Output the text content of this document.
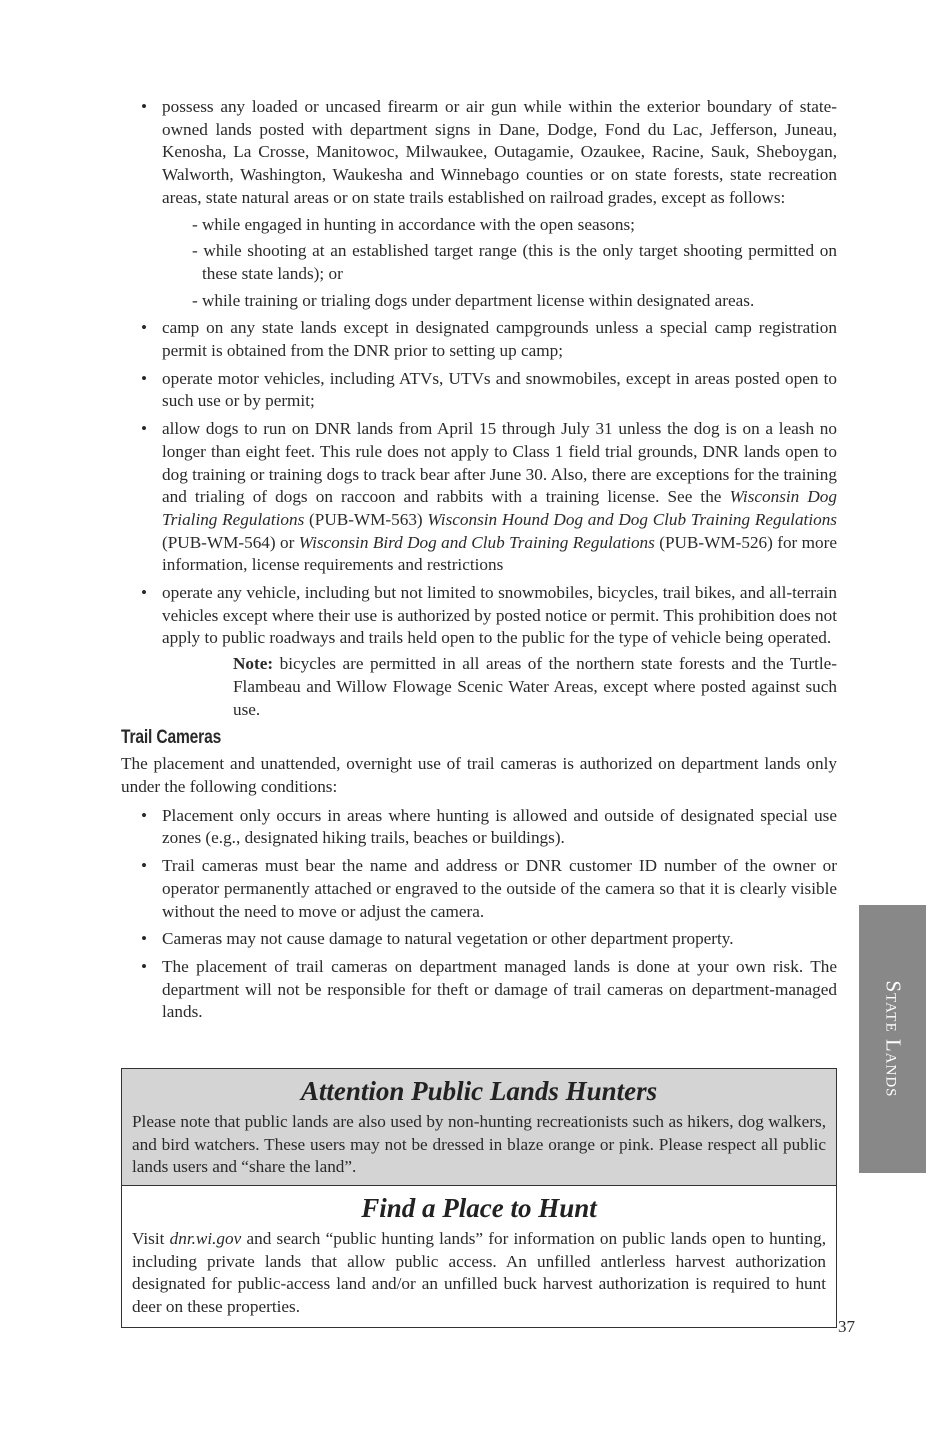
• possess any loaded or uncased firearm or air gun while within the exterior boundary of state-owned lands posted with department signs in Dane, Dodge, Fond du Lac, Jefferson, Juneau, Kenosha, La Crosse, Manitowoc, Milwaukee, Outagamie, Ozaukee, Racine, Sauk, Sheboygan, Walworth, Washington, Waukesha and Winnebago counties or on state forests, state recreation areas, state natural areas or on state trails established on railroad grades, except as follows:
- while engaged in hunting in accordance with the open seasons;
- while shooting at an established target range (this is the only target shooting permitted on these state lands); or
- while training or trialing dogs under department license within designated areas.
• camp on any state lands except in designated campgrounds unless a special camp registration permit is obtained from the DNR prior to setting up camp;
• operate motor vehicles, including ATVs, UTVs and snowmobiles, except in areas posted open to such use or by permit;
• allow dogs to run on DNR lands from April 15 through July 31 unless the dog is on a leash no longer than eight feet. This rule does not apply to Class 1 field trial grounds, DNR lands open to dog training or training dogs to track bear after June 30. Also, there are exceptions for the training and trialing of dogs on raccoon and rabbits with a training license. See the Wisconsin Dog Trialing Regulations (PUB-WM-563) Wisconsin Hound Dog and Dog Club Training Regulations (PUB-WM-564) or Wisconsin Bird Dog and Club Training Regulations (PUB-WM-526) for more information, license requirements and restrictions
• operate any vehicle, including but not limited to snowmobiles, bicycles, trail bikes, and all-terrain vehicles except where their use is authorized by posted notice or permit. This prohibition does not apply to public roadways and trails held open to the public for the type of vehicle being operated.
Note: bicycles are permitted in all areas of the northern state forests and the Turtle-Flambeau and Willow Flowage Scenic Water Areas, except where posted against such use.
Trail Cameras

The placement and unattended, overnight use of trail cameras is authorized on department lands only under the following conditions:

• Placement only occurs in areas where hunting is allowed and outside of designated special use zones (e.g., designated hiking trails, beaches or buildings).
• Trail cameras must bear the name and address or DNR customer ID number of the owner or operator permanently attached or engraved to the outside of the camera so that it is clearly visible without the need to move or adjust the camera.
• Cameras may not cause damage to natural vegetation or other department property.
• The placement of trail cameras on department managed lands is done at your own risk. The department will not be responsible for theft or damage of trail cameras on department-managed lands.
Attention Public Lands Hunters
Please note that public lands are also used by non-hunting recreationists such as hikers, dog walkers, and bird watchers. These users may not be dressed in blaze orange or pink. Please respect all public lands users and “share the land”.
Find a Place to Hunt
Visit dnr.wi.gov and search “public hunting lands” for information on public lands open to hunting, including private lands that allow public access. An unfilled antlerless harvest authorization designated for public-access land and/or an unfilled buck harvest authorization is required to hunt deer on these properties.
State Lands
37
